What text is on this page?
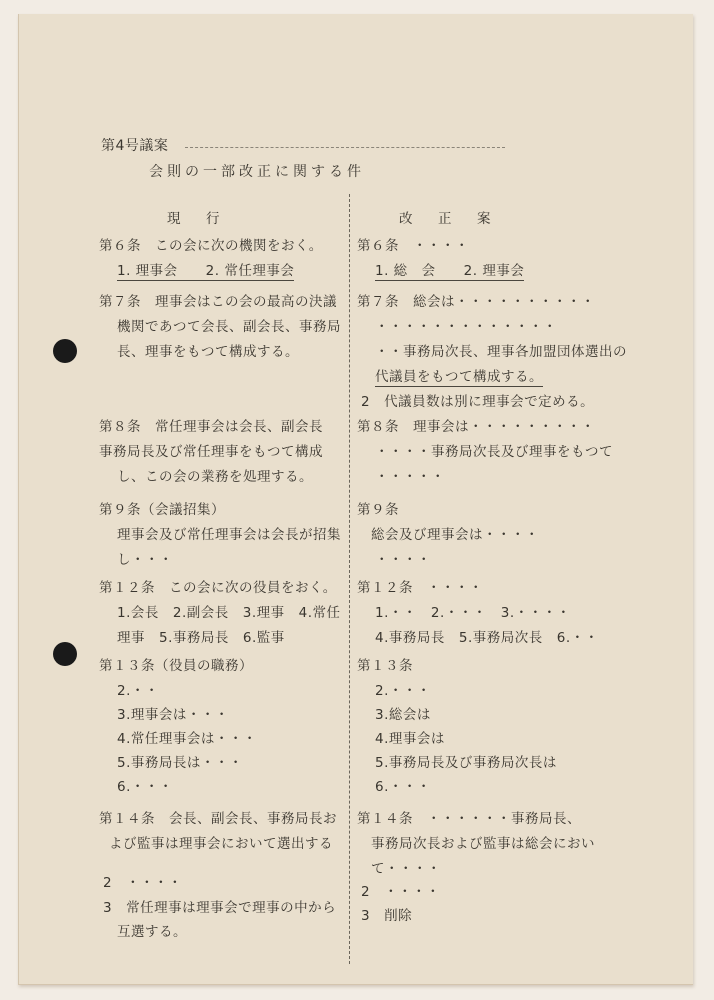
第4号議案
会則の一部改正に関する件
現　行	改　正　案
第６条　この会に次の機関をおく。
1. 理事会　　2. 常任理事会
第７条　理事会はこの会の最高の決議
機関であつて会長、副会長、事務局
長、理事をもつて構成する。
第８条　常任理事会は会長、副会長
事務局長及び常任理事をもつて構成
し、この会の業務を処理する。
第９条（会議招集）
理事会及び常任理事会は会長が招集
し・・・
第１２条　この会に次の役員をおく。
1.会長　2.副会長　3.理事　4.常任
理事　5.事務局長　6.監事
第１３条（役員の職務）
2.・・
3.理事会は・・・
4.常任理事会は・・・
5.事務局長は・・・
6.・・・
第１４条　会長、副会長、事務局長お
よび監事は理事会において選出する
2　・・・・
3　常任理事は理事会で理事の中から
互選する。
第６条　・・・・
1. 総　会　　2. 理事会
第７条　総会は・・・・・・・・・・
・・・・・・・・・・・・・
・・事務局次長、理事各加盟団体選出の
代議員をもつて構成する。
2　代議員数は別に理事会で定める。
第８条　理事会は・・・・・・・・・
・・・・事務局次長及び理事をもつて
・・・・・
第９条
総会及び理事会は・・・・
・・・・
第１２条　・・・・
1.・・　2.・・・　3.・・・・
4.事務局長　5.事務局次長　6.・・
第１３条
2.・・・
3.総会は
4.理事会は
5.事務局長及び事務局次長は
6.・・・
第１４条　・・・・・・事務局長、
事務局次長および監事は総会におい
て・・・・
2　・・・・
3　削除
